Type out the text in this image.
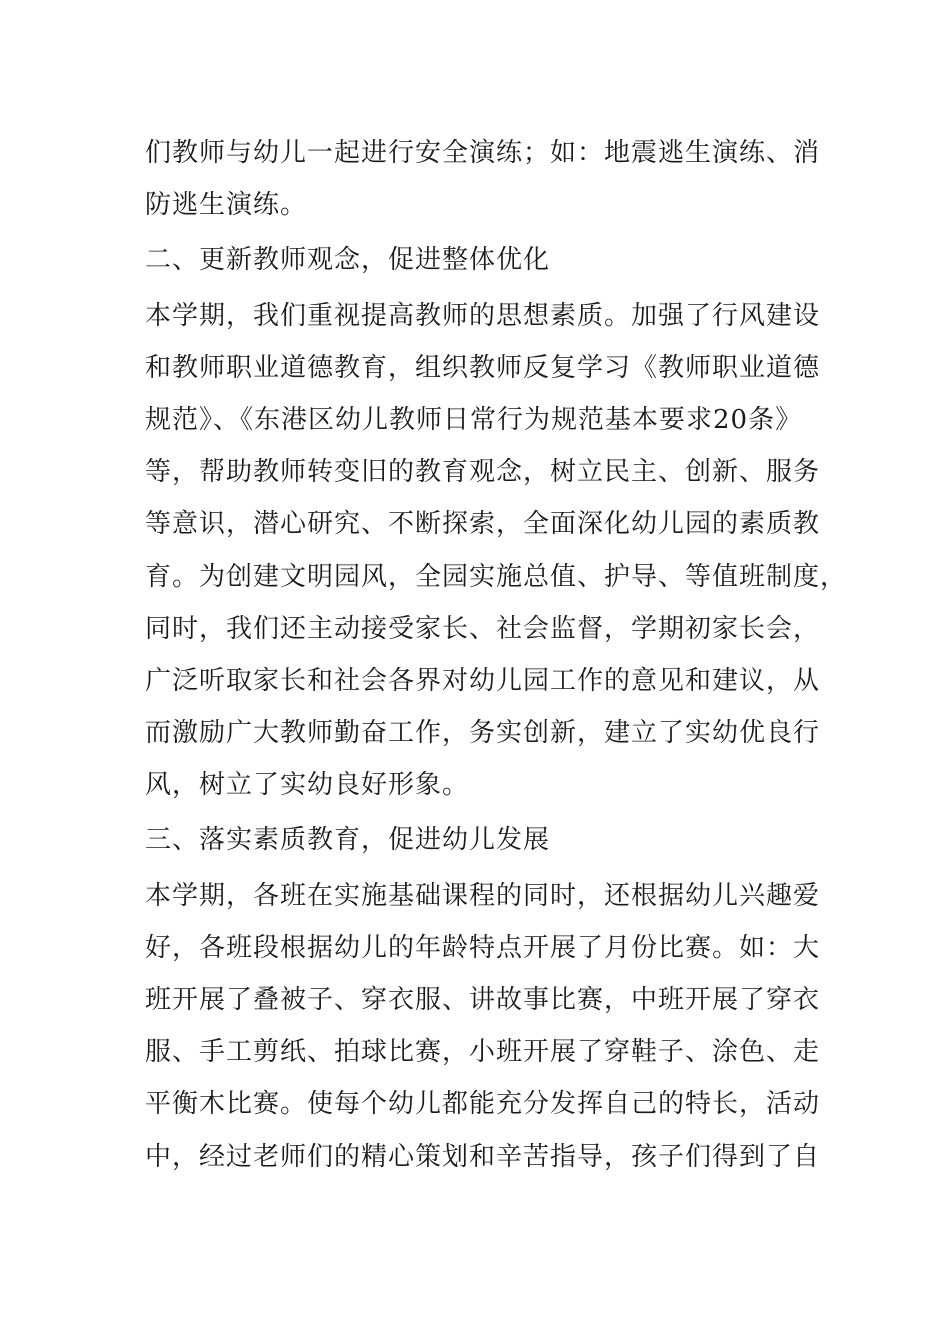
们教师与幼儿一起进行安全演练；如：地震逃生演练、消
防逃生演练。
二、更新教师观念，促进整体优化
本学期，我们重视提高教师的思想素质。加强了行风建设
和教师职业道德教育，组织教师反复学习《教师职业道德
规范》、《东港区幼儿教师日常行为规范基本要求20条》
等，帮助教师转变旧的教育观念，树立民主、创新、服务
等意识，潜心研究、不断探索，全面深化幼儿园的素质教
育。为创建文明园风，全园实施总值、护导、等值班制度，
同时，我们还主动接受家长、社会监督，学期初家长会，
广泛听取家长和社会各界对幼儿园工作的意见和建议，从
而激励广大教师勤奋工作，务实创新，建立了实幼优良行
风，树立了实幼良好形象。
三、落实素质教育，促进幼儿发展
本学期，各班在实施基础课程的同时，还根据幼儿兴趣爱
好，各班段根据幼儿的年龄特点开展了月份比赛。如：大
班开展了叠被子、穿衣服、讲故事比赛，中班开展了穿衣
服、手工剪纸、拍球比赛，小班开展了穿鞋子、涂色、走
平衡木比赛。使每个幼儿都能充分发挥自己的特长，活动
中，经过老师们的精心策划和辛苦指导，孩子们得到了自
